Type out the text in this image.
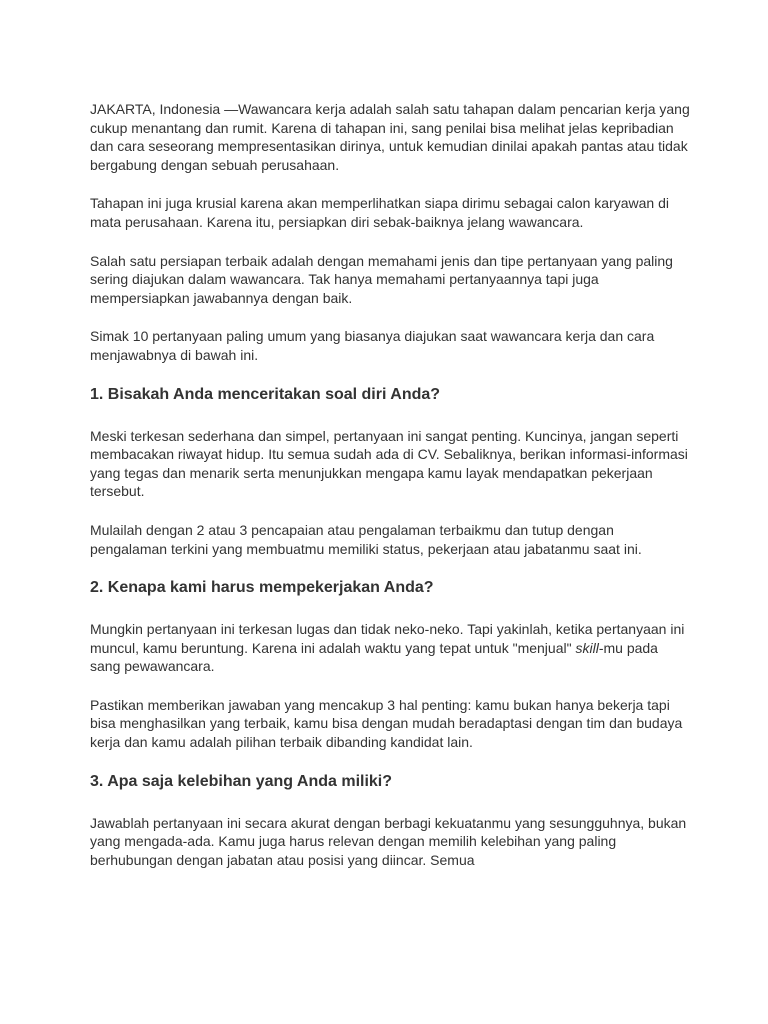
JAKARTA, Indonesia —Wawancara kerja adalah salah satu tahapan dalam pencarian kerja yang cukup menantang dan rumit. Karena di tahapan ini, sang penilai bisa melihat jelas kepribadian dan cara seseorang mempresentasikan dirinya, untuk kemudian dinilai apakah pantas atau tidak bergabung dengan sebuah perusahaan.

Tahapan ini juga krusial karena akan memperlihatkan siapa dirimu sebagai calon karyawan di mata perusahaan. Karena itu, persiapkan diri sebak-baiknya jelang wawancara.

Salah satu persiapan terbaik adalah dengan memahami jenis dan tipe pertanyaan yang paling sering diajukan dalam wawancara. Tak hanya memahami pertanyaannya tapi juga mempersiapkan jawabannya dengan baik.

Simak 10 pertanyaan paling umum yang biasanya diajukan saat wawancara kerja dan cara menjawabnya di bawah ini.

1. Bisakah Anda menceritakan soal diri Anda?

Meski terkesan sederhana dan simpel, pertanyaan ini sangat penting. Kuncinya, jangan seperti membacakan riwayat hidup. Itu semua sudah ada di CV. Sebaliknya, berikan informasi-informasi yang tegas dan menarik serta menunjukkan mengapa kamu layak mendapatkan pekerjaan tersebut.

Mulailah dengan 2 atau 3 pencapaian atau pengalaman terbaikmu dan tutup dengan pengalaman terkini yang membuatmu memiliki status, pekerjaan atau jabatanmu saat ini.

2. Kenapa kami harus mempekerjakan Anda?

Mungkin pertanyaan ini terkesan lugas dan tidak neko-neko. Tapi yakinlah, ketika pertanyaan ini muncul, kamu beruntung. Karena ini adalah waktu yang tepat untuk "menjual" skill-mu pada sang pewawancara.

Pastikan memberikan jawaban yang mencakup 3 hal penting: kamu bukan hanya bekerja tapi bisa menghasilkan yang terbaik, kamu bisa dengan mudah beradaptasi dengan tim dan budaya kerja dan kamu adalah pilihan terbaik dibanding kandidat lain.

3. Apa saja kelebihan yang Anda miliki?

Jawablah pertanyaan ini secara akurat dengan berbagi kekuatanmu yang sesungguhnya, bukan yang mengada-ada. Kamu juga harus relevan dengan memilih kelebihan yang paling berhubungan dengan jabatan atau posisi yang diincar. Semua
